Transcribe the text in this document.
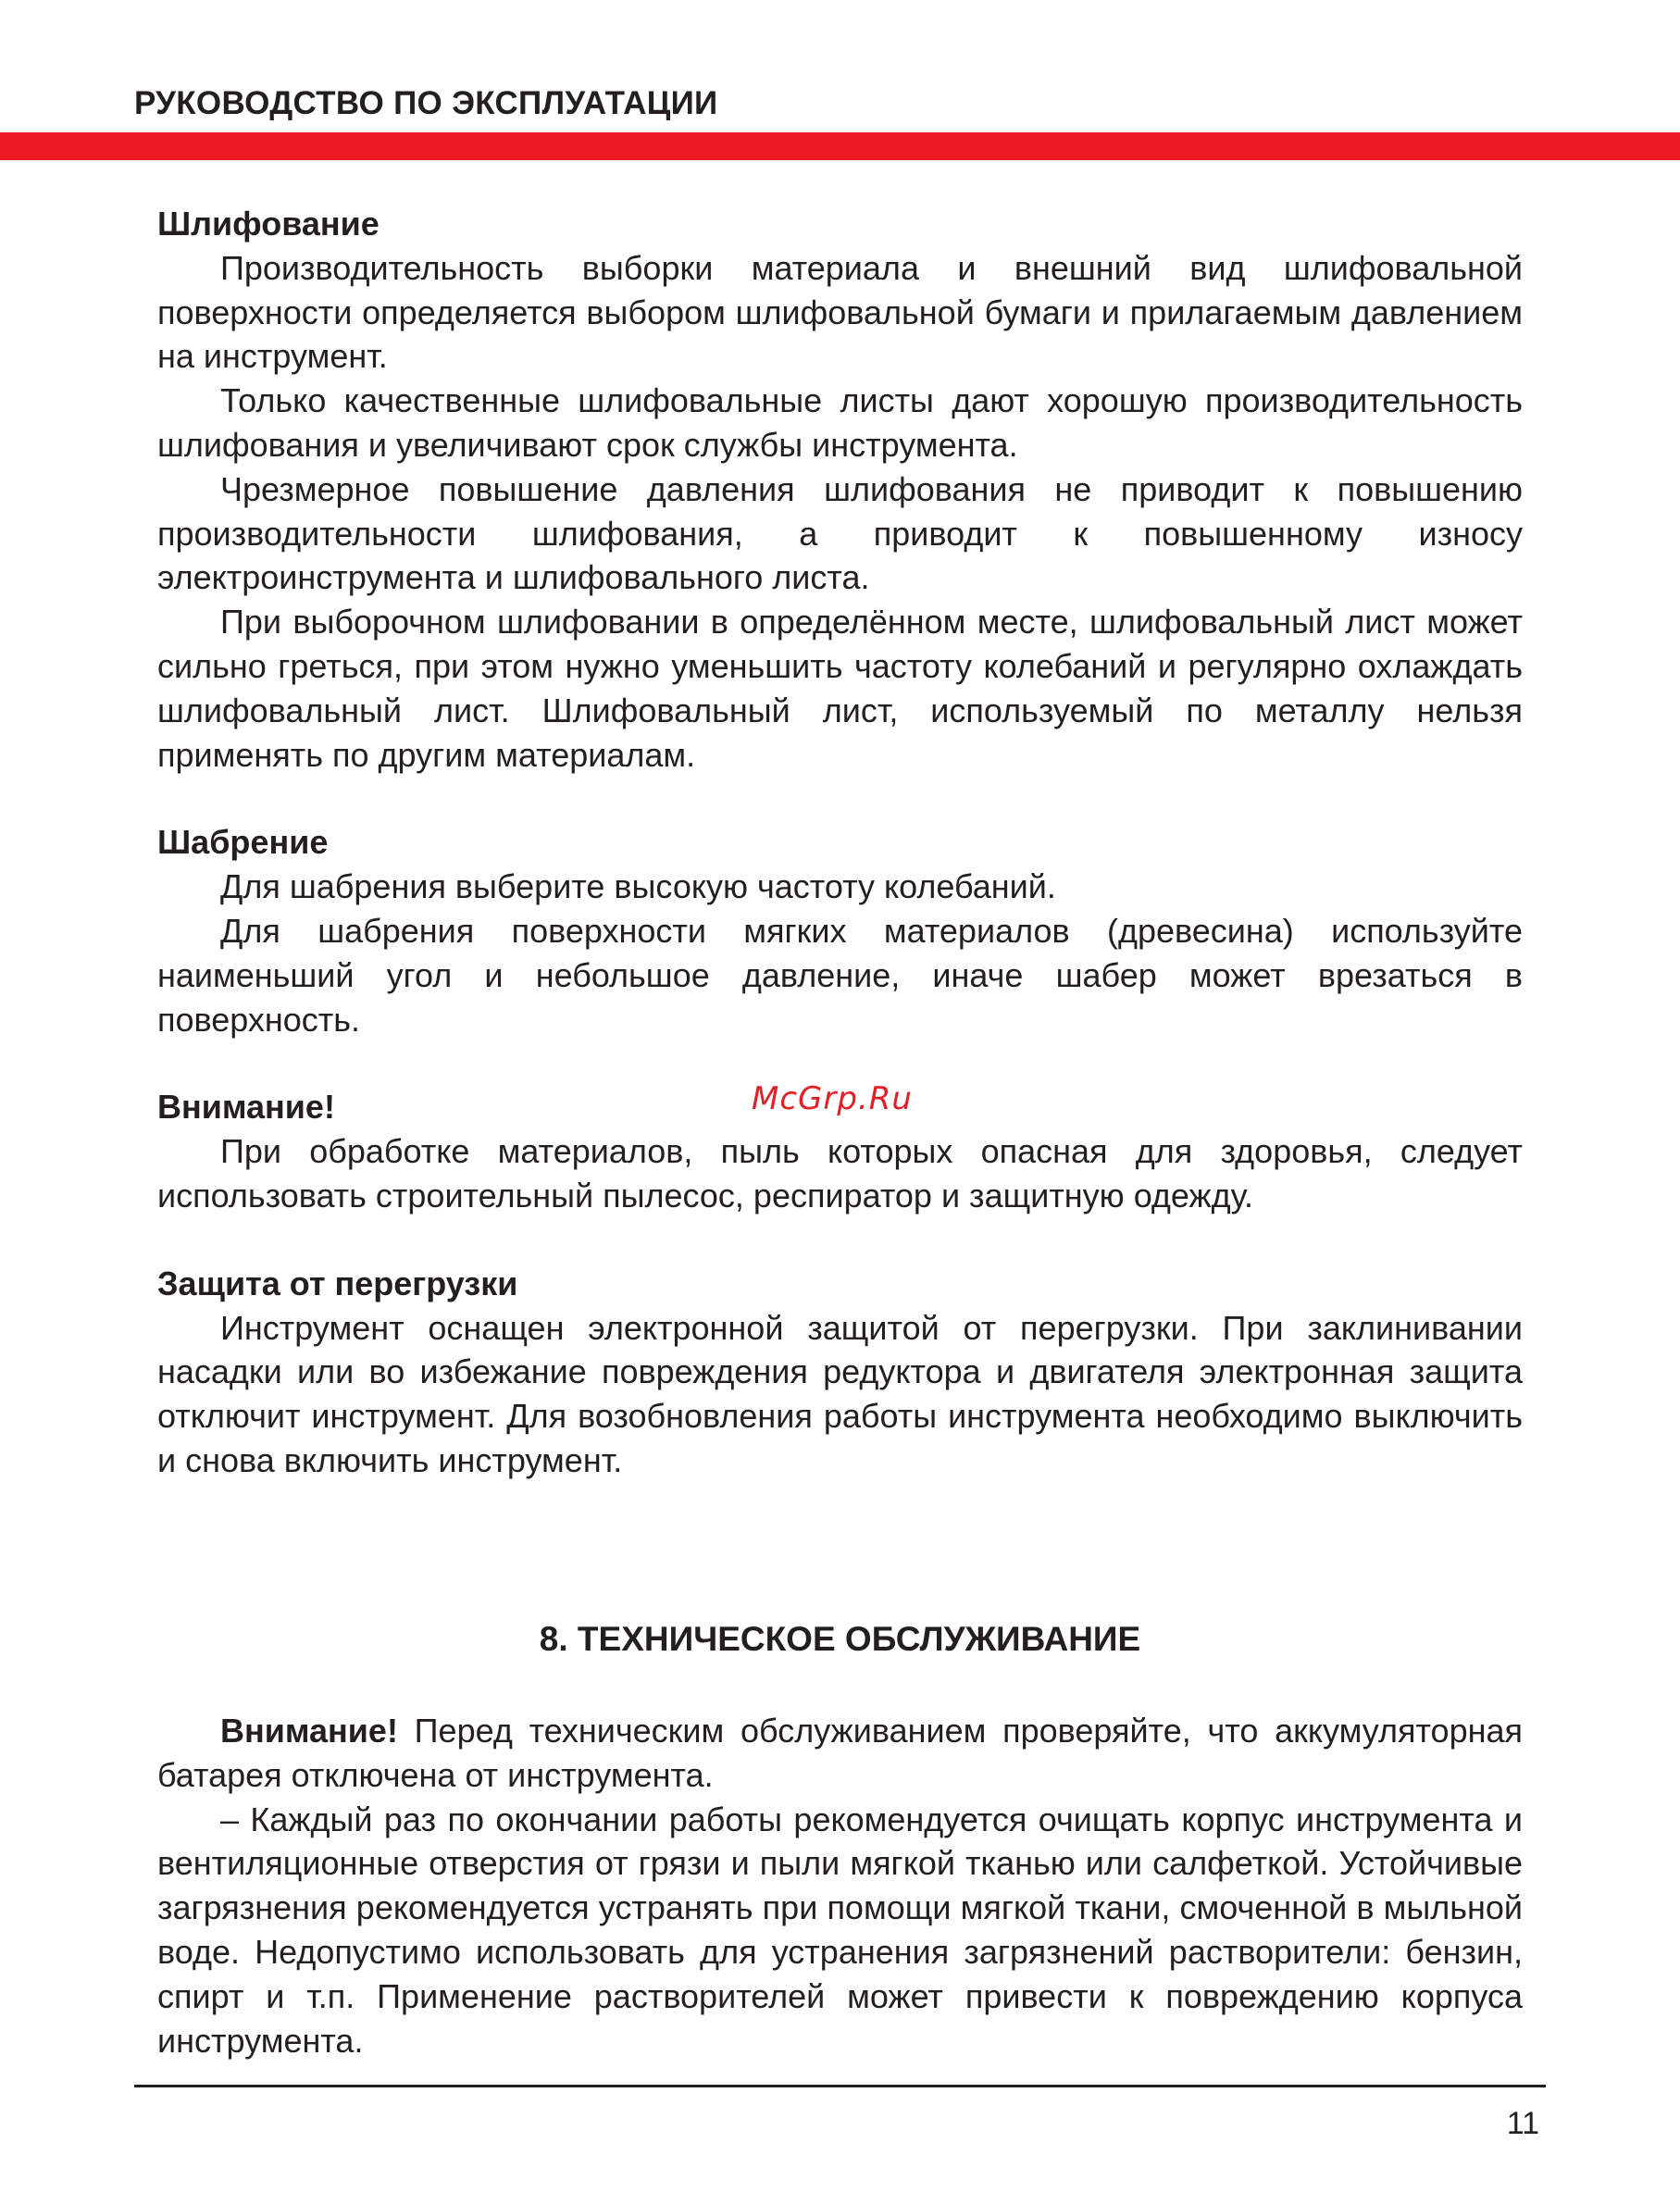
РУКОВОДСТВО ПО ЭКСПЛУАТАЦИИ

Шлифование

Производительность выборки материала и внешний вид шлифовальной поверхности определяется выбором шлифовальной бумаги и прилагаемым давлением на инструмент.

Только качественные шлифовальные листы дают хорошую производительность шлифования и увеличивают срок службы инструмента.

Чрезмерное повышение давления шлифования не приводит к повышению производительности шлифования, а приводит к повышенному износу электроинструмента и шлифовального листа.

При выборочном шлифовании в определённом месте, шлифовальный лист может сильно греться, при этом нужно уменьшить частоту колебаний и регулярно охлаждать шлифовальный лист. Шлифовальный лист, используемый по металлу нельзя применять по другим материалам.

Шабрение

Для шабрения выберите высокую частоту колебаний.

Для шабрения поверхности мягких материалов (древесина) используйте наименьший угол и небольшое давление, иначе шабер может врезаться в поверхность.

Внимание!

При обработке материалов, пыль которых опасная для здоровья, следует использовать строительный пылесос, респиратор и защитную одежду.

Защита от перегрузки

Инструмент оснащен электронной защитой от перегрузки. При заклинивании насадки или во избежание повреждения редуктора и двигателя электронная защита отключит инструмент. Для возобновления работы инструмента необходимо выключить и снова включить инструмент.

McGrp.Ru
8. ТЕХНИЧЕСКОЕ ОБСЛУЖИВАНИЕ

Внимание! Перед техническим обслуживанием проверяйте, что аккумуляторная батарея отключена от инструмента.

– Каждый раз по окончании работы рекомендуется очищать корпус инструмента и вентиляционные отверстия от грязи и пыли мягкой тканью или салфеткой. Устойчивые загрязнения рекомендуется устранять при помощи мягкой ткани, смоченной в мыльной воде. Недопустимо использовать для устранения загрязнений растворители: бензин, спирт и т.п. Применение растворителей может привести к повреждению корпуса инструмента.

11
